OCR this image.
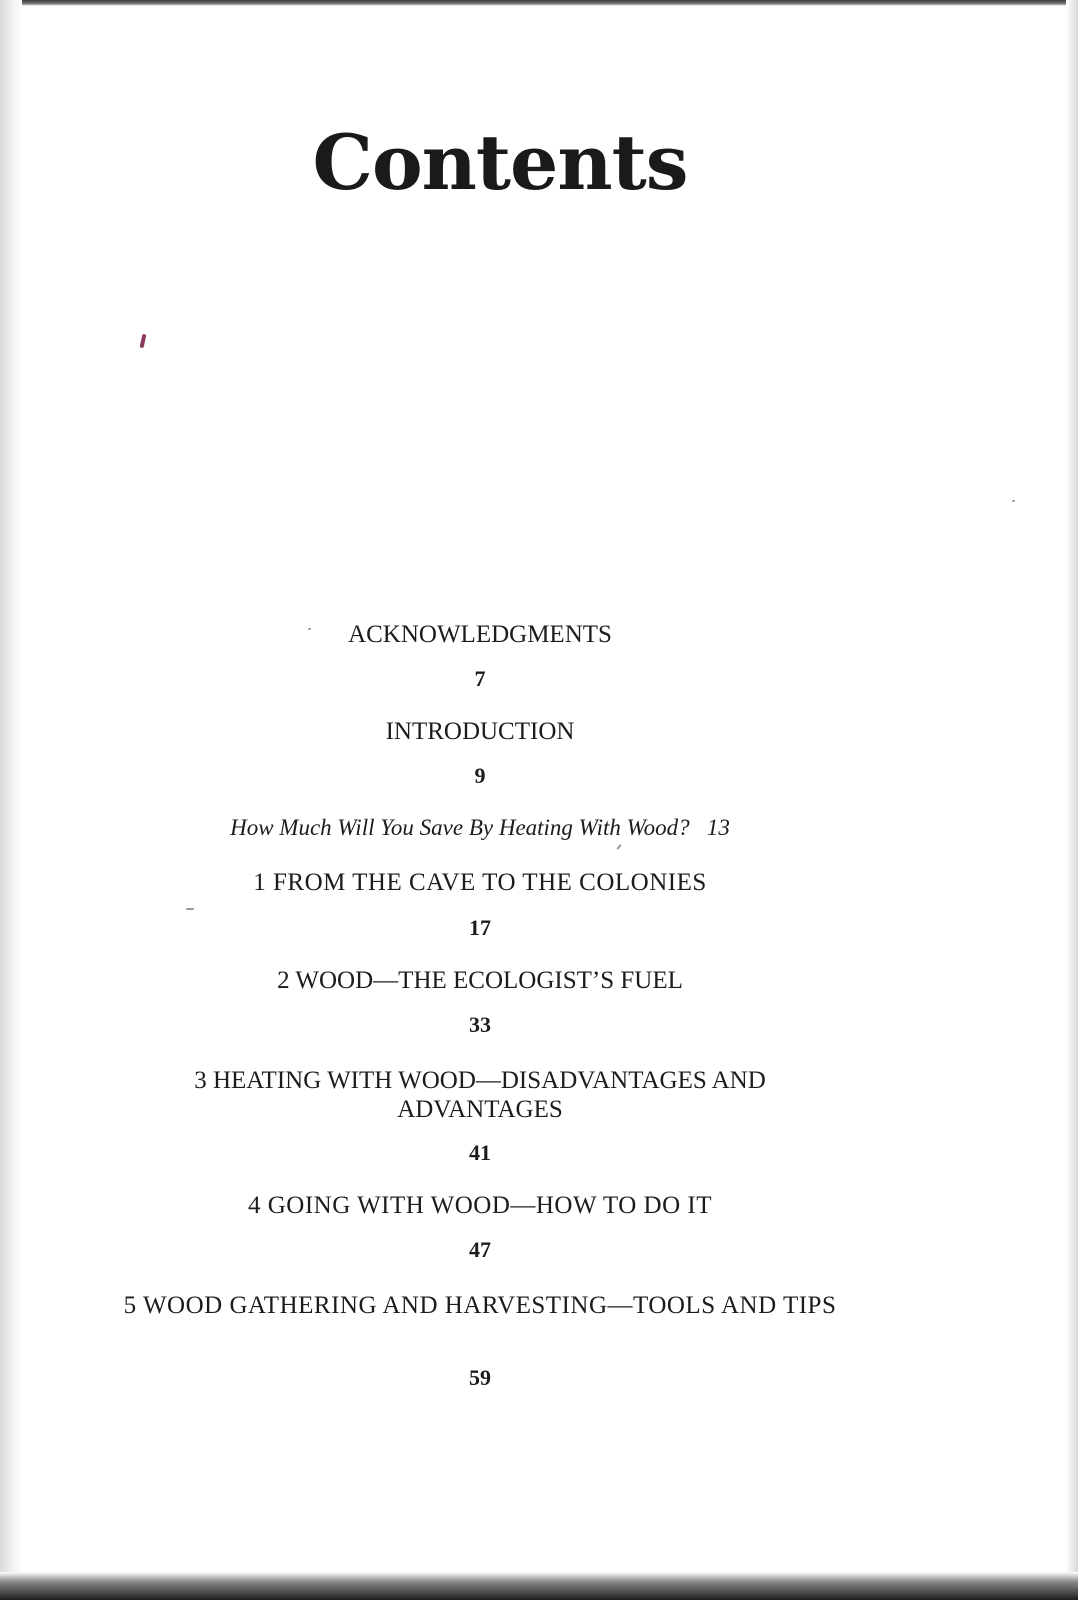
Contents

ACKNOWLEDGMENTS

7

INTRODUCTION

9

How Much Will You Save By Heating With Wood? 13

1 FROM THE CAVE TO THE COLONIES

17

2 WOOD—THE ECOLOGIST’S FUEL

33

3 HEATING WITH WOOD—DISADVANTAGES AND ADVANTAGES

41

4 GOING WITH WOOD—HOW TO DO IT

47

5 WOOD GATHERING AND HARVESTING—TOOLS AND TIPS

59
